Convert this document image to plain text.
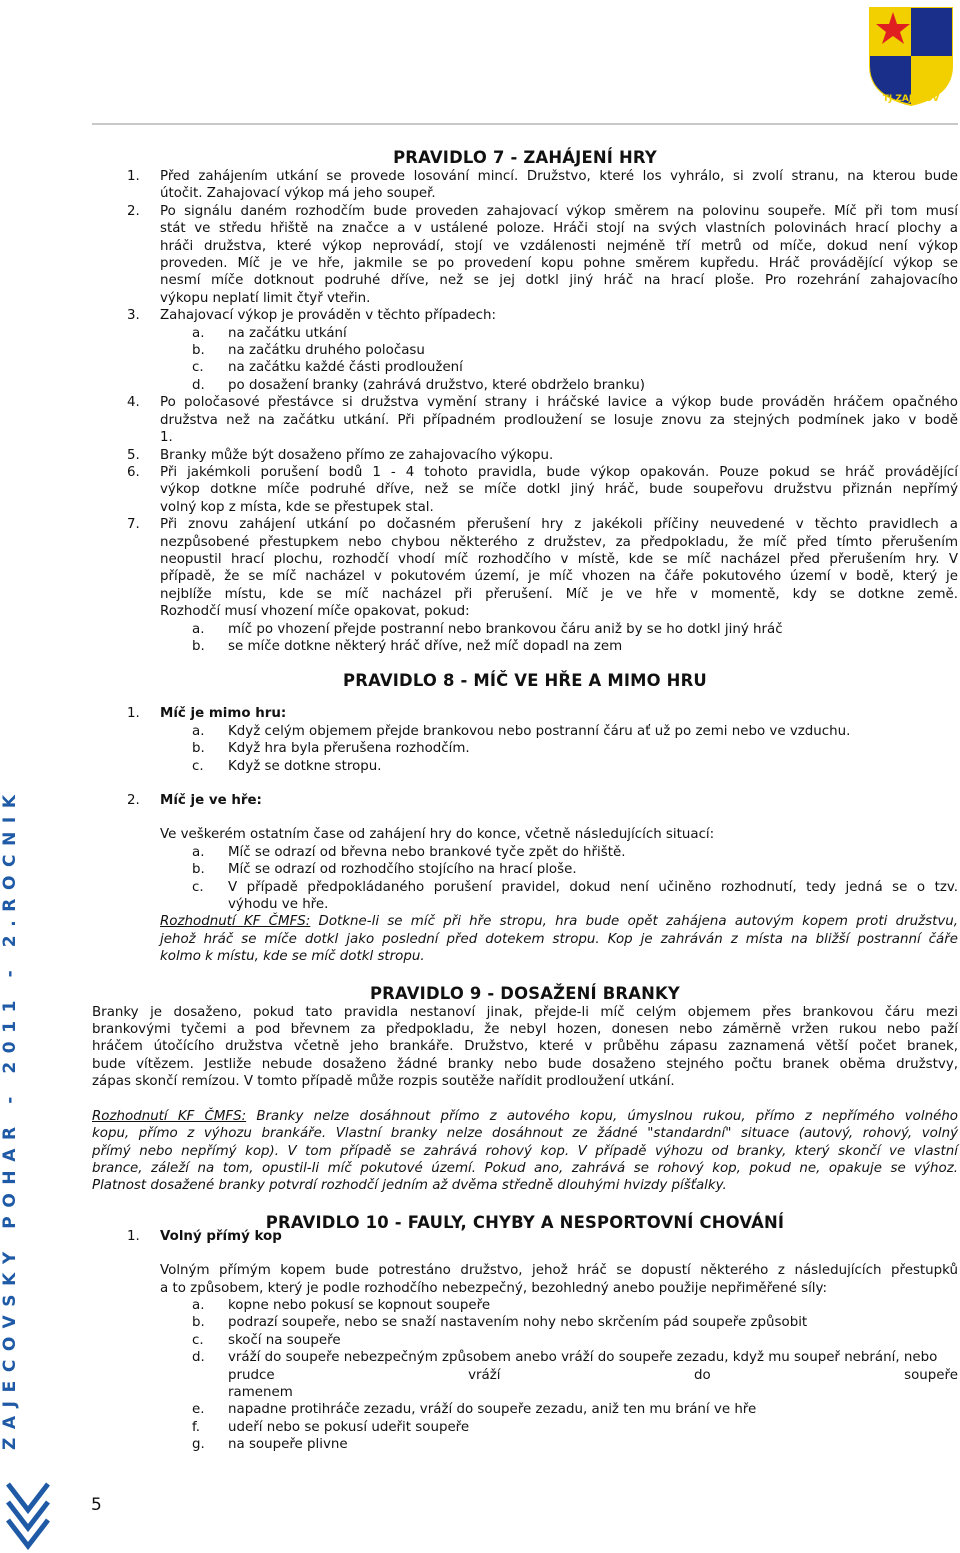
TJ ZAJEČOV
ZAJECOVSKY POHAR - 2011 - 2.ROCNIK
5
PRAVIDLO 7 - ZAHÁJENÍ HRY
1. Před zahájením utkání se provede losování mincí. Družstvo, které los vyhrálo, si zvolí stranu, na kterou bude
útočit. Zahajovací výkop má jeho soupeř.
2. Po signálu daném rozhodčím bude proveden zahajovací výkop směrem na polovinu soupeře. Míč při tom musí
stát ve středu hřiště na značce a v ustálené poloze. Hráči stojí na svých vlastních polovinách hrací plochy a
hráči družstva, které výkop neprovádí, stojí ve vzdálenosti nejméně tří metrů od míče, dokud není výkop
proveden. Míč je ve hře, jakmile se po provedení kopu pohne směrem kupředu. Hráč provádějící výkop se
nesmí míče dotknout podruhé dříve, než se jej dotkl jiný hráč na hrací ploše. Pro rozehrání zahajovacího
výkopu neplatí limit čtyř vteřin.
3. Zahajovací výkop je prováděn v těchto případech:
a. na začátku utkání
b. na začátku druhého poločasu
c. na začátku každé části prodloužení
d. po dosažení branky (zahrává družstvo, které obdrželo branku)
4. Po poločasové přestávce si družstva vymění strany i hráčské lavice a výkop bude prováděn hráčem opačného
družstva než na začátku utkání. Při případném prodloužení se losuje znovu za stejných podmínek jako v bodě
1.
5. Branky může být dosaženo přímo ze zahajovacího výkopu.
6. Při jakémkoli porušení bodů 1 - 4 tohoto pravidla, bude výkop opakován. Pouze pokud se hráč provádějící
výkop dotkne míče podruhé dříve, než se míče dotkl jiný hráč, bude soupeřovu družstvu přiznán nepřímý
volný kop z místa, kde se přestupek stal.
7. Při znovu zahájení utkání po dočasném přerušení hry z jakékoli příčiny neuvedené v těchto pravidlech a
nezpůsobené přestupkem nebo chybou některého z družstev, za předpokladu, že míč před tímto přerušením
neopustil hrací plochu, rozhodčí vhodí míč rozhodčího v místě, kde se míč nacházel před přerušením hry. V
případě, že se míč nacházel v pokutovém území, je míč vhozen na čáře pokutového území v bodě, který je
nejblíže místu, kde se míč nacházel při přerušení. Míč je ve hře v momentě, kdy se dotkne země.
Rozhodčí musí vhození míče opakovat, pokud:
a. míč po vhození přejde postranní nebo brankovou čáru aniž by se ho dotkl jiný hráč
b. se míče dotkne některý hráč dříve, než míč dopadl na zem
PRAVIDLO 8 - MÍČ VE HŘE A MIMO HRU
1. Míč je mimo hru:
a. Když celým objemem přejde brankovou nebo postranní čáru ať už po zemi nebo ve vzduchu.
b. Když hra byla přerušena rozhodčím.
c. Když se dotkne stropu.
2. Míč je ve hře:
Ve veškerém ostatním čase od zahájení hry do konce, včetně následujících situací:
a. Míč se odrazí od břevna nebo brankové tyče zpět do hřiště.
b. Míč se odrazí od rozhodčího stojícího na hrací ploše.
c. V případě předpokládaného porušení pravidel, dokud není učiněno rozhodnutí, tedy jedná se o tzv.
výhodu ve hře.
Rozhodnutí KF ČMFS: Dotkne-li se míč při hře stropu, hra bude opět zahájena autovým kopem proti družstvu,
jehož hráč se míče dotkl jako poslední před dotekem stropu. Kop je zahráván z místa na bližší postranní čáře
kolmo k místu, kde se míč dotkl stropu.
PRAVIDLO 9 - DOSAŽENÍ BRANKY
Branky je dosaženo, pokud tato pravidla nestanoví jinak, přejde-li míč celým objemem přes brankovou čáru mezi
brankovými tyčemi a pod břevnem za předpokladu, že nebyl hozen, donesen nebo záměrně vržen rukou nebo paží
hráčem útočícího družstva včetně jeho brankáře. Družstvo, které v průběhu zápasu zaznamená větší počet branek,
bude vítězem. Jestliže nebude dosaženo žádné branky nebo bude dosaženo stejného počtu branek oběma družstvy,
zápas skončí remízou. V tomto případě může rozpis soutěže nařídit prodloužení utkání.
Rozhodnutí KF ČMFS: Branky nelze dosáhnout přímo z autového kopu, úmyslnou rukou, přímo z nepřímého volného
kopu, přímo z výhozu brankáře. Vlastní branky nelze dosáhnout ze žádné "standardní" situace (autový, rohový, volný
přímý nebo nepřímý kop). V tom případě se zahrává rohový kop. V případě výhozu od branky, který skončí ve vlastní
brance, záleží na tom, opustil-li míč pokutové území. Pokud ano, zahrává se rohový kop, pokud ne, opakuje se výhoz.
Platnost dosažené branky potvrdí rozhodčí jedním až dvěma středně dlouhými hvizdy píšťalky.
PRAVIDLO 10 - FAULY, CHYBY A NESPORTOVNÍ CHOVÁNÍ
1. Volný přímý kop
Volným přímým kopem bude potrestáno družstvo, jehož hráč se dopustí některého z následujících přestupků
a to způsobem, který je podle rozhodčího nebezpečný, bezohledný anebo použije nepřiměřené síly:
a. kopne nebo pokusí se kopnout soupeře
b. podrazí soupeře, nebo se snaží nastavením nohy nebo skrčením pád soupeře způsobit
c. skočí na soupeře
d. vráží do soupeře nebezpečným způsobem anebo vráží do soupeře zezadu, když mu soupeř nebrání, nebo prudce vráží do soupeře
ramenem
e. napadne protihráče zezadu, vráží do soupeře zezadu, aniž ten mu brání ve hře
f. udeří nebo se pokusí udeřit soupeře
g. na soupeře plivne
